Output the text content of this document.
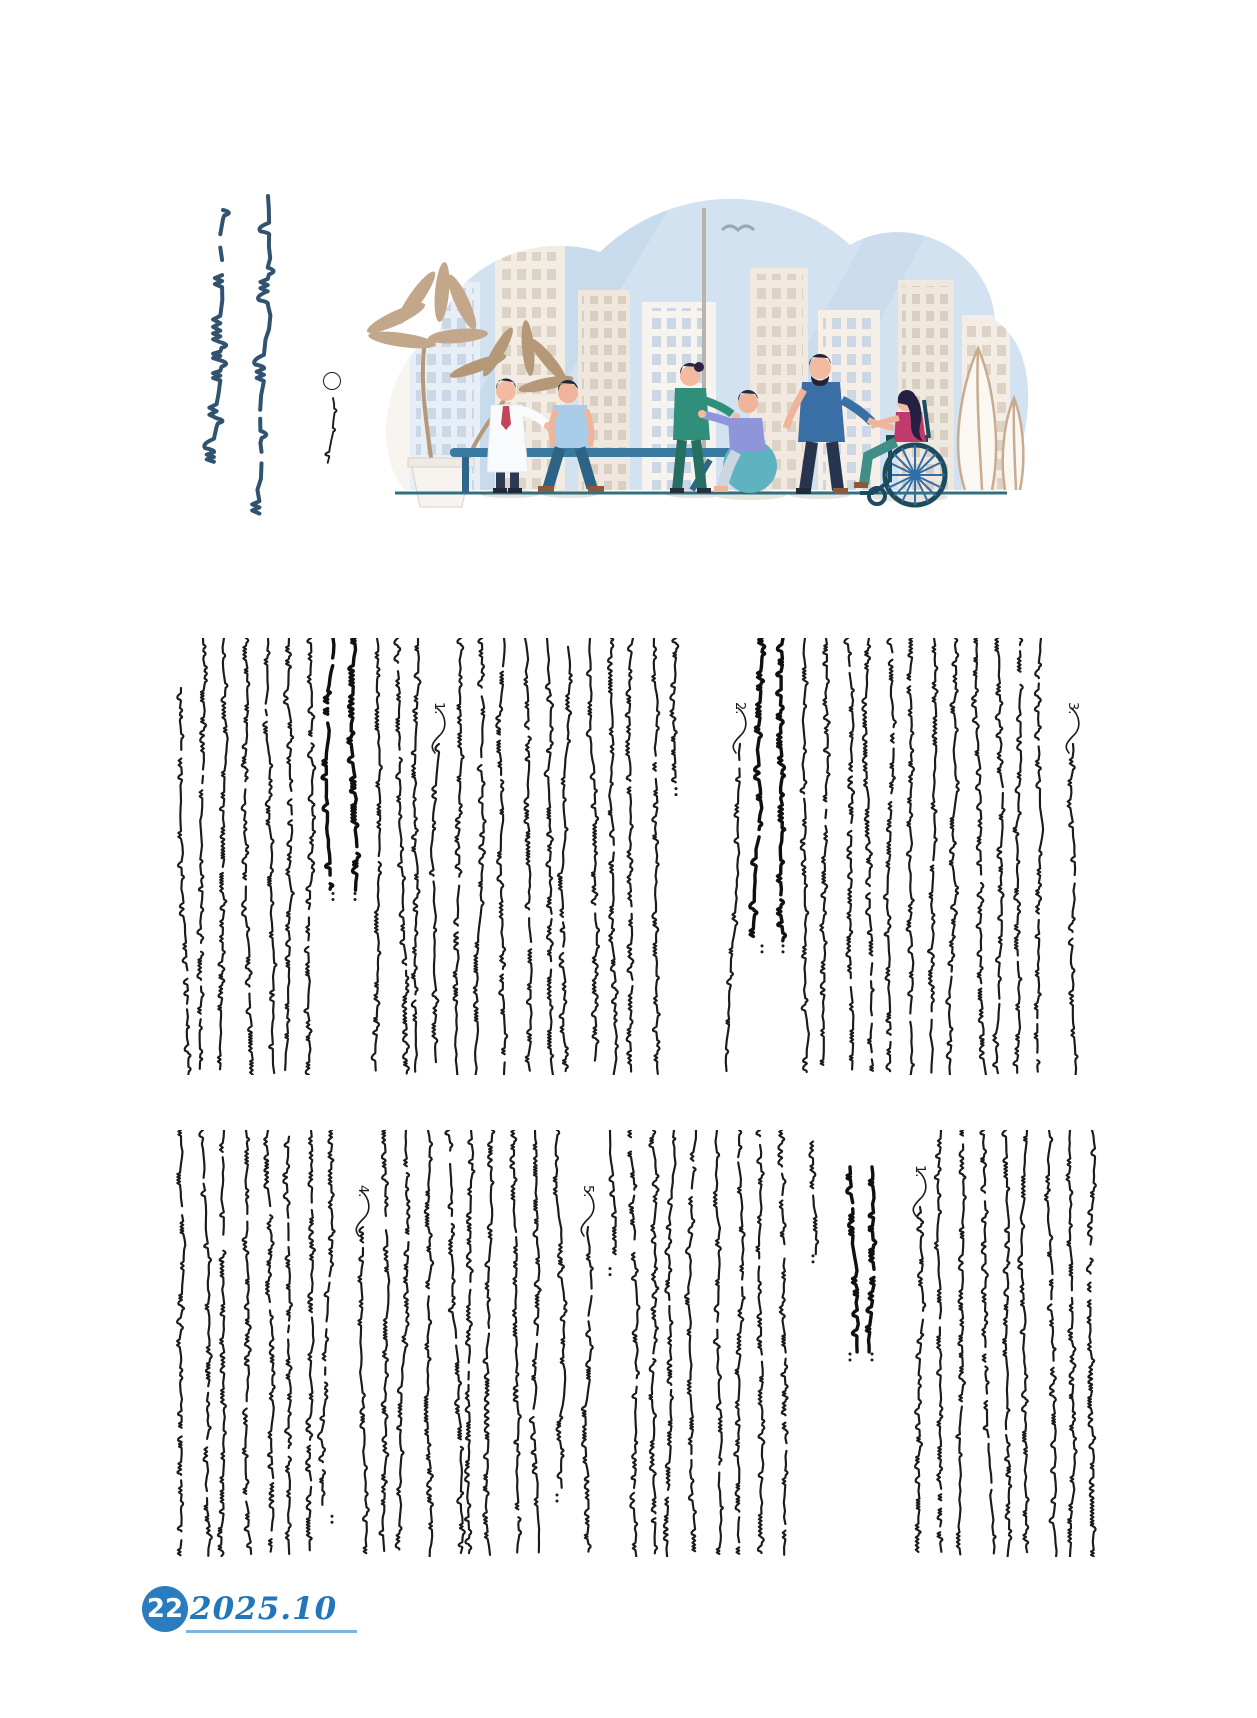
1.	2.	3.
4.	5.
1.
22 2025.10
